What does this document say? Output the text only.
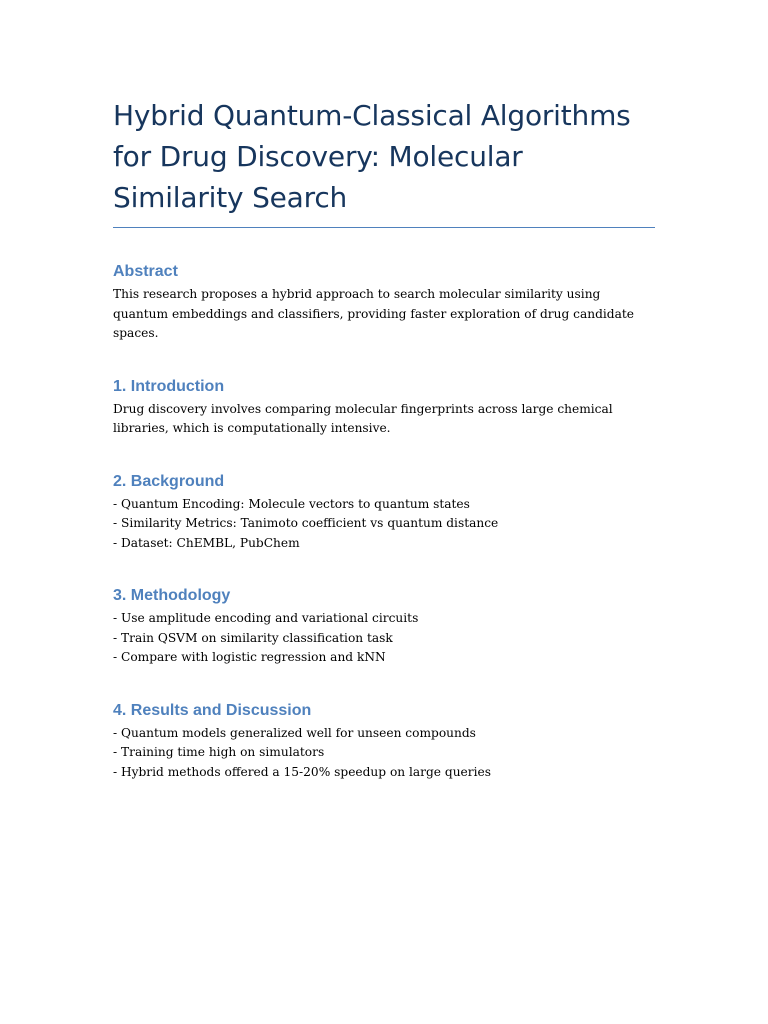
Hybrid Quantum-Classical Algorithms for Drug Discovery: Molecular Similarity Search
Abstract

This research proposes a hybrid approach to search molecular similarity using quantum embeddings and classifiers, providing faster exploration of drug candidate spaces.

1. Introduction

Drug discovery involves comparing molecular fingerprints across large chemical libraries, which is computationally intensive.

2. Background
- Quantum Encoding: Molecule vectors to quantum states
- Similarity Metrics: Tanimoto coefficient vs quantum distance
- Dataset: ChEMBL, PubChem
3. Methodology
- Use amplitude encoding and variational circuits
- Train QSVM on similarity classification task
- Compare with logistic regression and kNN
4. Results and Discussion
- Quantum models generalized well for unseen compounds
- Training time high on simulators
- Hybrid methods offered a 15-20% speedup on large queries
